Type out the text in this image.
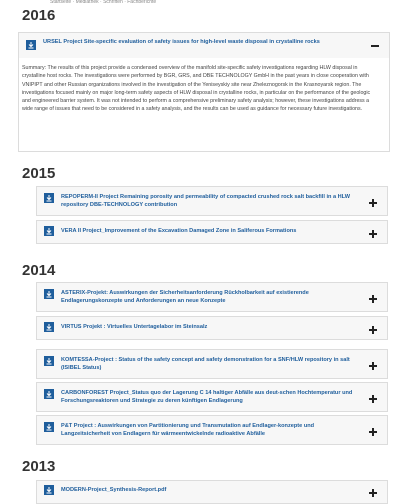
Startseite · Mediathek · Schriften · Fachberichte
2016
URSEL Project Site-specific evaluation of safety issues for high-level waste disposal in crystalline rocks

Summary: The results of this project provide a condensed overview of the manifold site-specific safety investigations regarding HLW disposal in crystalline host rocks. The investigations were performed by BGR, GRS, and DBE TECHNOLOGY GmbH in the past years in close cooperation with VNIPIPT and other Russian organizations involved in the investigation of the Yeniseyskiy site near Zheleznogorsk in the Krasnoyarsk region. The investigations focused mainly on major long-term safety aspects of HLW disposal in crystalline rocks, in particular on the performance of the geologic and engineered barrier system. It was not intended to perform a comprehensive preliminary safety analysis; however, these investigations address a wide range of issues that need to be considered in a safety analysis, and the results can be used as guidance for necessary future investigations.

2015
REPOPERM-II Project Remaining porosity and permeability of compacted crushed rock salt backfill in a HLW repository DBE-TECHNOLOGY contribution
VERA II Project_Improvement of the Excavation Damaged Zone in Saliferous Formations
2014
ASTERIX-Projekt: Auswirkungen der Sicherheitsanforderung Rückholbarkeit auf existierende Endlagerungskonzepte und Anforderungen an neue Konzepte
VIRTUS Projekt : Virtuelles Untertagelabor im Steinsalz
KOMTESSA-Project : Status of the safety concept and safety demonstration for a SNF/HLW repository in salt (ISIBEL Status)
CARBONFOREST Project_Status quo der Lagerung C 14 haltiger Abfälle aus deut-schen Hochtemperatur und Forschungsreaktoren und Strategie zu deren künftigen Endlagerung
P&T Project : Auswirkungen von Partitionierung und Transmutation auf Endlager-konzepte und Langzeitsicherheit von Endlagern für wärmeentwickelnde radioaktive Abfälle
2013
MODERN-Project_Synthesis-Report.pdf
